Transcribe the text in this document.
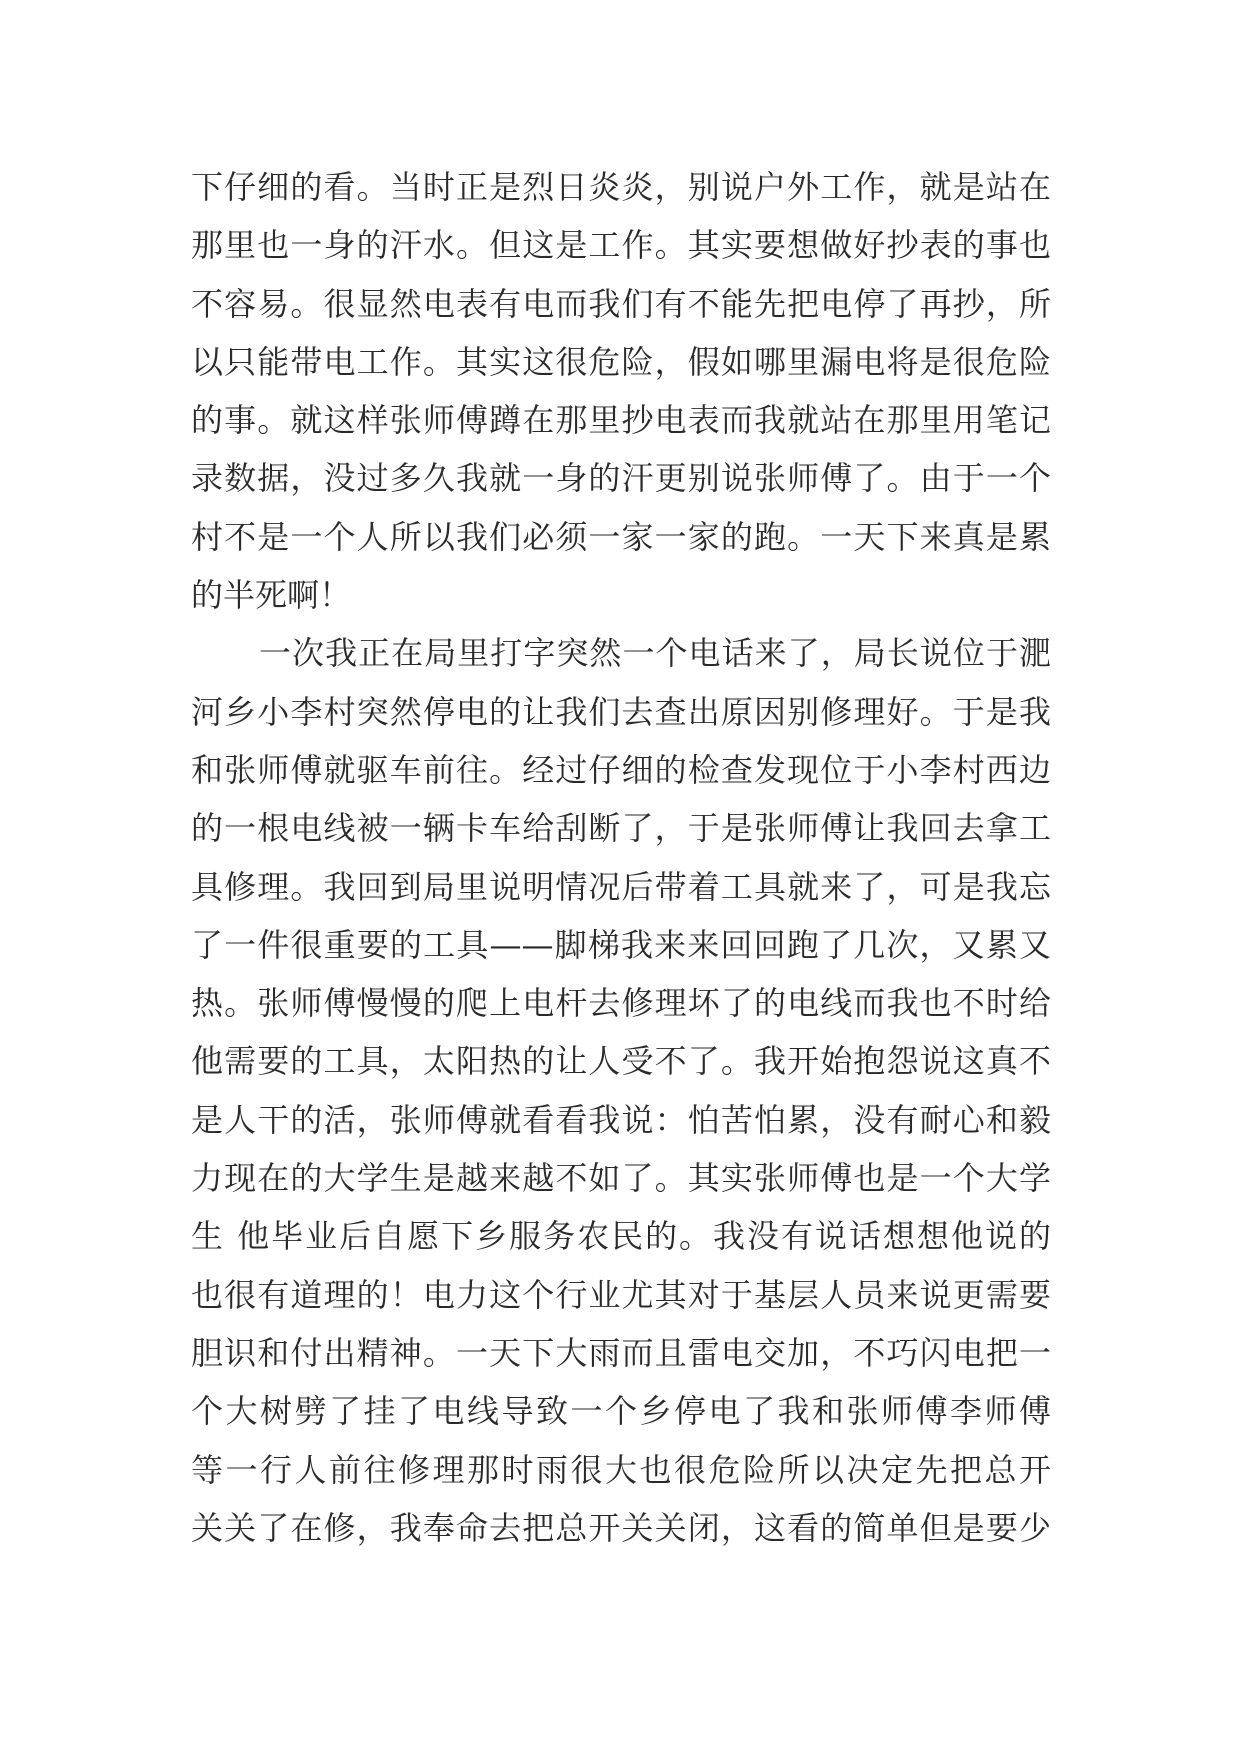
下仔细的看。当时正是烈日炎炎，别说户外工作，就是站在
那里也一身的汗水。但这是工作。其实要想做好抄表的事也
不容易。很显然电表有电而我们有不能先把电停了再抄，所
以只能带电工作。其实这很危险，假如哪里漏电将是很危险
的事。就这样张师傅蹲在那里抄电表而我就站在那里用笔记
录数据，没过多久我就一身的汗更别说张师傅了。由于一个
村不是一个人所以我们必须一家一家的跑。一天下来真是累
的半死啊！
一次我正在局里打字突然一个电话来了，局长说位于淝
河乡小李村突然停电的让我们去查出原因别修理好。于是我
和张师傅就驱车前往。经过仔细的检查发现位于小李村西边
的一根电线被一辆卡车给刮断了，于是张师傅让我回去拿工
具修理。我回到局里说明情况后带着工具就来了，可是我忘
了一件很重要的工具——脚梯我来来回回跑了几次，又累又
热。张师傅慢慢的爬上电杆去修理坏了的电线而我也不时给
他需要的工具，太阳热的让人受不了。我开始抱怨说这真不
是人干的活，张师傅就看看我说：怕苦怕累，没有耐心和毅
力现在的大学生是越来越不如了。其实张师傅也是一个大学
生 他毕业后自愿下乡服务农民的。我没有说话想想他说的
也很有道理的！电力这个行业尤其对于基层人员来说更需要
胆识和付出精神。一天下大雨而且雷电交加，不巧闪电把一
个大树劈了挂了电线导致一个乡停电了我和张师傅李师傅
等一行人前往修理那时雨很大也很危险所以决定先把总开
关关了在修，我奉命去把总开关关闭，这看的简单但是要少
